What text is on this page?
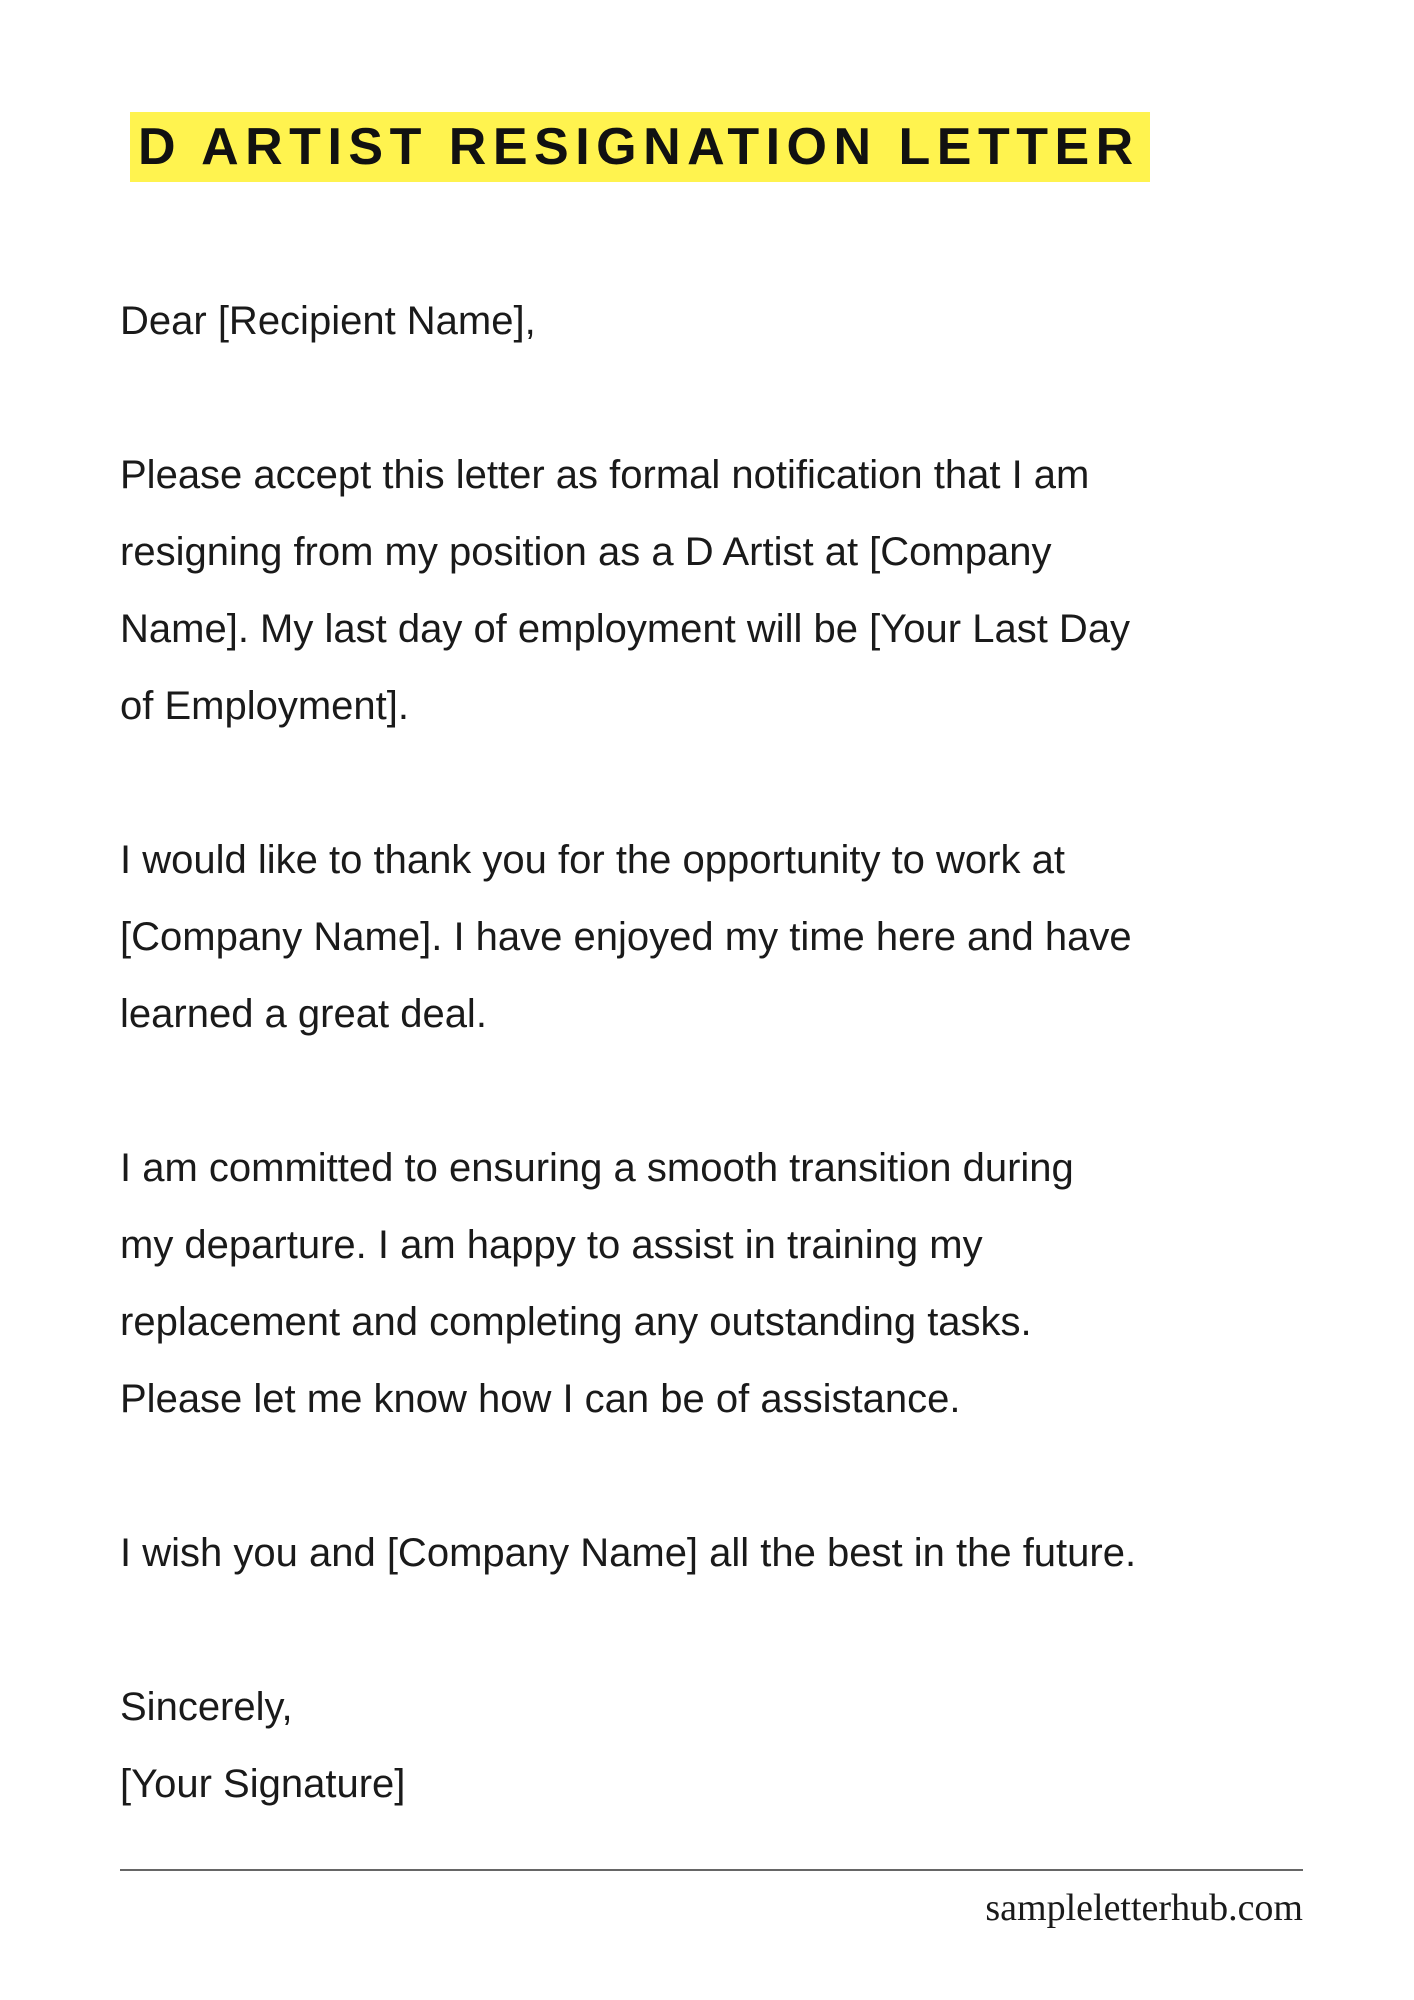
D ARTIST RESIGNATION LETTER

Dear [Recipient Name],

Please accept this letter as formal notification that I am
resigning from my position as a D Artist at [Company
Name]. My last day of employment will be [Your Last Day
of Employment].

I would like to thank you for the opportunity to work at
[Company Name]. I have enjoyed my time here and have
learned a great deal.

I am committed to ensuring a smooth transition during
my departure. I am happy to assist in training my
replacement and completing any outstanding tasks.
Please let me know how I can be of assistance.

I wish you and [Company Name] all the best in the future.

Sincerely,

[Your Signature]

sampleletterhub.com
